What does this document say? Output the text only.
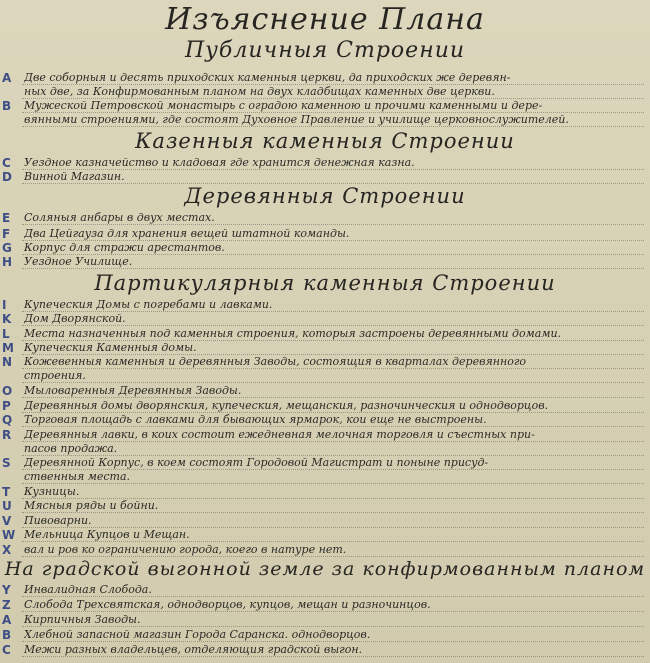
Изъяснение Плана
Публичныя Строении
A	Две соборныя и десять приходских каменныя церкви, да приходских же деревян-
ных две, за Конфирмованным планом на двух кладбищах каменных две церкви.
B	Мужеской Петровской монастырь с оградою каменною и прочими каменными и дере-
вянными строениями, где состоят Духовное Правление и училище церковнослужителей.
Казенныя каменныя Строении
C	Уездное казначейство и кладовая где хранится денежная казна.
D	Винной Магазин.
Деревянныя Строении
E	Соляныя анбары в двух местах.
F	Два Цейгауза для хранения вещей штатной команды.
G	Корпус для стражи арестантов.
H	Уездное Училище.
Партикулярныя каменныя Строении
I	Купеческия Домы с погребами и лавками.
K	Дом Дворянской.
L	Места назначенныя под каменныя строения, которыя застроены деревянными домами.
M Купеческия Каменныя домы.
N	Кожевенныя каменныя и деревянныя Заводы, состоящия в кварталах деревянного
строения.
O	Мыловаренныя Деревянныя Заводы.
P	Деревянныя домы дворянския, купеческия, мещанския, разночинческия и однодворцов.
Q	Торговая площадь с лавками для бывающих ярмарок, кои еще не выстроены.
R	Деревянныя лавки, в коих состоит ежедневная мелочная торговля и съестных при-
пасов продажа.
S	Деревянной Корпус, в коем состоят Городовой Магистрат и поныне присуд-
ственныя места.
T	Кузницы.
U	Мясныя ряды и бойни.
V	Пивоварни.
W Мельница Купцов и Мещан.
X	вал и ров ко ограничению города, коего в натуре нет.
На градской выгонной земле за конфирмованным планом
Y	Инвалидная Слобода.
Z	Слобода Трехсвятская, однодворцов, купцов, мещан и разночинцов.
A	Кирпичныя Заводы.
B	Хлебной запасной магазин Города Саранска. однодворцов.
C	Межи разных владельцев, отделяющия градской выгон.
